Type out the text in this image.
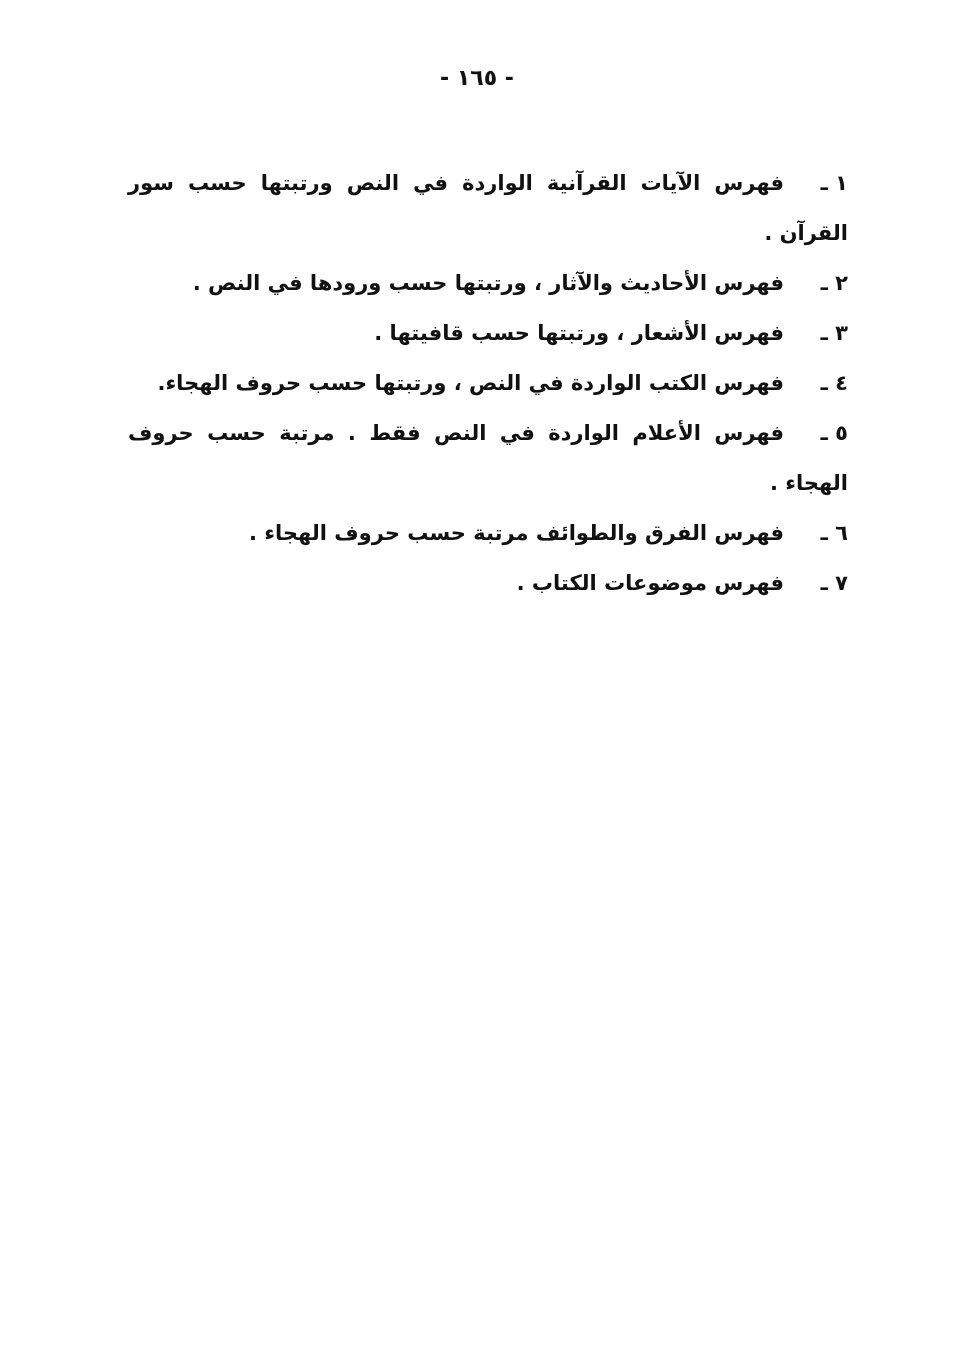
- ١٦٥ -
١ ـ
فهرس الآيات القرآنية الواردة في النص ورتبتها حسب سور القرآن .
٢ ـ
فهرس الأحاديث والآثار ، ورتبتها حسب ورودها في النص .
٣ ـ
فهرس الأشعار ، ورتبتها حسب قافيتها .
٤ ـ
فهرس الكتب الواردة في النص ، ورتبتها حسب حروف الهجاء.
٥ ـ
فهرس الأعلام الواردة في النص فقط . مرتبة حسب حروف الهجاء .
٦ ـ
فهرس الفرق والطوائف مرتبة حسب حروف الهجاء .
٧ ـ
فهرس موضوعات الكتاب .
